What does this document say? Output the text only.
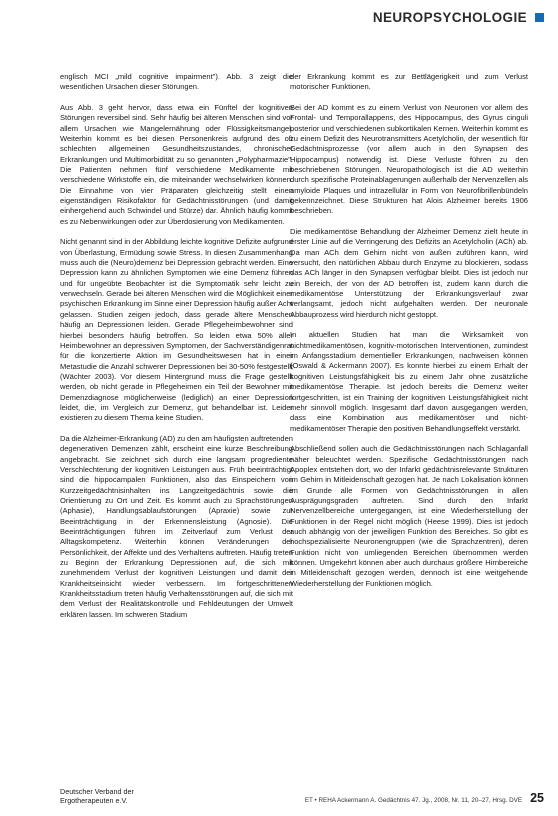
NEUROPSYCHOLOGIE

englisch MCI „mild cognitive impairment"). Abb. 3 zeigt die wesentlichen Ursachen dieser Störungen.

Aus Abb. 3 geht hervor, dass etwa ein Fünftel der kognitiven Störungen reversibel sind. Sehr häufig bei älteren Menschen sind vor allem Ursachen wie Mangelernährung oder Flüssigkeitsmangel. Weiterhin kommt es bei diesen Personenkreis aufgrund des oft schlechten allgemeinen Gesundheitszustandes, chronischer Erkrankungen und Multimorbidität zu so genannten „Polypharmazie". Die Patienten nehmen fünf verschiedene Medikamente mit verschiedene Wirkstoffe ein, die miteinander wechselwirken können. Die Einnahme von vier Präparaten gleichzeitig stellt einen eigenständigen Risikofaktor für Gedächtnisstörungen (und damit einhergehend auch Schwindel und Stürze) dar. Ähnlich häufig kommt es zu Nebenwirkungen oder zur Überdosierung von Medikamenten.

Nicht genannt sind in der Abbildung leichte kognitive Defizite aufgrund von Überlastung, Ermüdung sowie Stress. In diesen Zusammenhang muss auch die (Neuro)demenz bei Depression gebracht werden. Eine Depression kann zu ähnlichen Symptomen wie eine Demenz führen und für ungeübte Beobachter ist die Symptomatik sehr leicht zu verwechseln. Gerade bei älteren Menschen wird die Möglichkeit einer psychischen Erkrankung im Sinne einer Depression häufig außer Acht gelassen. Studien zeigen jedoch, dass gerade ältere Menschen häufig an Depressionen leiden. Gerade Pflegeheimbewohner sind hierbei besonders häufig betroffen. So leiden etwa 50% aller Heimbewohner an depressiven Symptomen, der Sachverständigenrat für die konzertierte Aktion im Gesundheitswesen hat in einer Metastudie die Anzahl schwerer Depressionen bei 30-50% festgestellt (Wächter 2003). Vor diesem Hintergrund muss die Frage gestellt werden, ob nicht gerade in Pflegeheimen ein Teil der Bewohner mit Demenzdiagnose möglicherweise (lediglich) an einer Depression leidet, die, im Vergleich zur Demenz, gut behandelbar ist. Leider existieren zu diesem Thema keine Studien.

Da die Alzheimer-Erkrankung (AD) zu den am häufigsten auftretenden degenerativen Demenzen zählt, erscheint eine kurze Beschreibung angebracht. Sie zeichnet sich durch eine langsam progrediente Verschlechterung der kognitiven Leistungen aus. Früh beeinträchtigt sind die hippocampalen Funktionen, also das Einspeichern von Kurzzeitgedächtnisinhalten ins Langzeitgedächtnis sowie die Orientierung zu Ort und Zeit. Es kommt auch zu Sprachstörungen (Aphasie), Handlungsablaufstörungen (Apraxie) sowie zur Beeinträchtigung in der Erkennensleistung (Agnosie). Die Beeinträchtigungen führen im Zeitverlauf zum Verlust der Alltagskompetenz. Weiterhin können Veränderungen der Persönlichkeit, der Affekte und des Verhaltens auftreten. Häufig treten zu Beginn der Erkrankung Depressionen auf, die sich mit zunehmendem Verlust der kognitiven Leistungen und damit der Krankheitseinsicht wieder verbessern. Im fortgeschrittenen Krankheitsstadium treten häufig Verhaltensstörungen auf, die sich mit dem Verlust der Realitätskontrolle und Fehldeutungen der Umwelt erklären lassen. Im schweren Stadium

der Erkrankung kommt es zur Bettlägerigkeit und zum Verlust motorischer Funktionen.

Bei der AD kommt es zu einem Verlust von Neuronen vor allem des Frontal- und Temporallappens, des Hippocampus, des Gyrus cinguli posterior und verschiedenen subkortikalen Kernen. Weiterhin kommt es zu einem Defizit des Neurotransmitters Acetylcholin, der wesentlich für Gedächtnisprozesse (vor allem auch in den Synapsen des Hippocampus) notwendig ist. Diese Verluste führen zu den beschriebenen Störungen. Neuropathologisch ist die AD weiterhin durch spezifische Proteinablagerungen außerhalb der Nervenzellen als amyloide Plaques und intrazellulär in Form von Neurofibrillenbündeln gekennzeichnet. Diese Strukturen hat Alois Alzheimer bereits 1906 beschrieben.

Die medikamentöse Behandlung der Alzheimer Demenz zielt heute in erster Linie auf die Verringerung des Defizits an Acetylcholin (ACh) ab. Da man ACh dem Gehirn nicht von außen zuführen kann, wird versucht, den natürlichen Abbau durch Enzyme zu blockieren, sodass das ACh länger in den Synapsen verfügbar bleibt. Dies ist jedoch nur ein Bereich, der von der AD betroffen ist, zudem kann durch die medikamentöse Unterstützung der Erkrankungsverlauf zwar verlangsamt, jedoch nicht aufgehalten werden. Der neuronale Abbauprozess wird hierdurch nicht gestoppt.

In aktuellen Studien hat man die Wirksamkeit von nichtmedikamentösen, kognitiv-motorischen Interventionen, zumindest im Anfangsstadium dementieller Erkrankungen, nachweisen können (Oswald & Ackermann 2007). Es konnte hierbei zu einem Erhalt der kognitiven Leistungsfähigkeit bis zu einem Jahr ohne zusätzliche medikamentöse Therapie. Ist jedoch bereits die Demenz weiter fortgeschritten, ist ein Training der kognitiven Leistungsfähigkeit nicht mehr sinnvoll möglich. Insgesamt darf davon ausgegangen werden, dass eine Kombination aus medikamentöser und nicht-medikamentöser Therapie den positiven Behandlungseffekt verstärkt.

Abschließend sollen auch die Gedächtnisstörungen nach Schlaganfall näher beleuchtet werden. Spezifische Gedächtnisstörungen nach Apoplex entstehen dort, wo der Infarkt gedächtnisrelevante Strukturen im Gehirn in Mitleidenschaft gezogen hat. Je nach Lokalisation können im Grunde alle Formen von Gedächtnisstörungen in allen Ausprägungsgraden auftreten. Sind durch den Infarkt Nervenzellbereiche untergegangen, ist eine Wiederherstellung der Funktionen in der Regel nicht möglich (Heese 1999). Dies ist jedoch auch abhängig von der jeweiligen Funktion des Bereiches. So gibt es hochspezialisierte Neuronengruppen (wie die Sprachzentren), deren Funktion nicht von umliegenden Bereichen übernommen werden können. Umgekehrt können aber auch durchaus größere Hirnbereiche in Mitleidenschaft gezogen werden, dennoch ist eine weitgehende Wiederherstellung der Funktionen möglich.

Deutscher Verband der
Ergotherapeuten e.V.	ET • REHA Ackermann A. Gedächtnis 47. Jg., 2008, Nr. 11, 20–27, Hrsg. DVE 25
